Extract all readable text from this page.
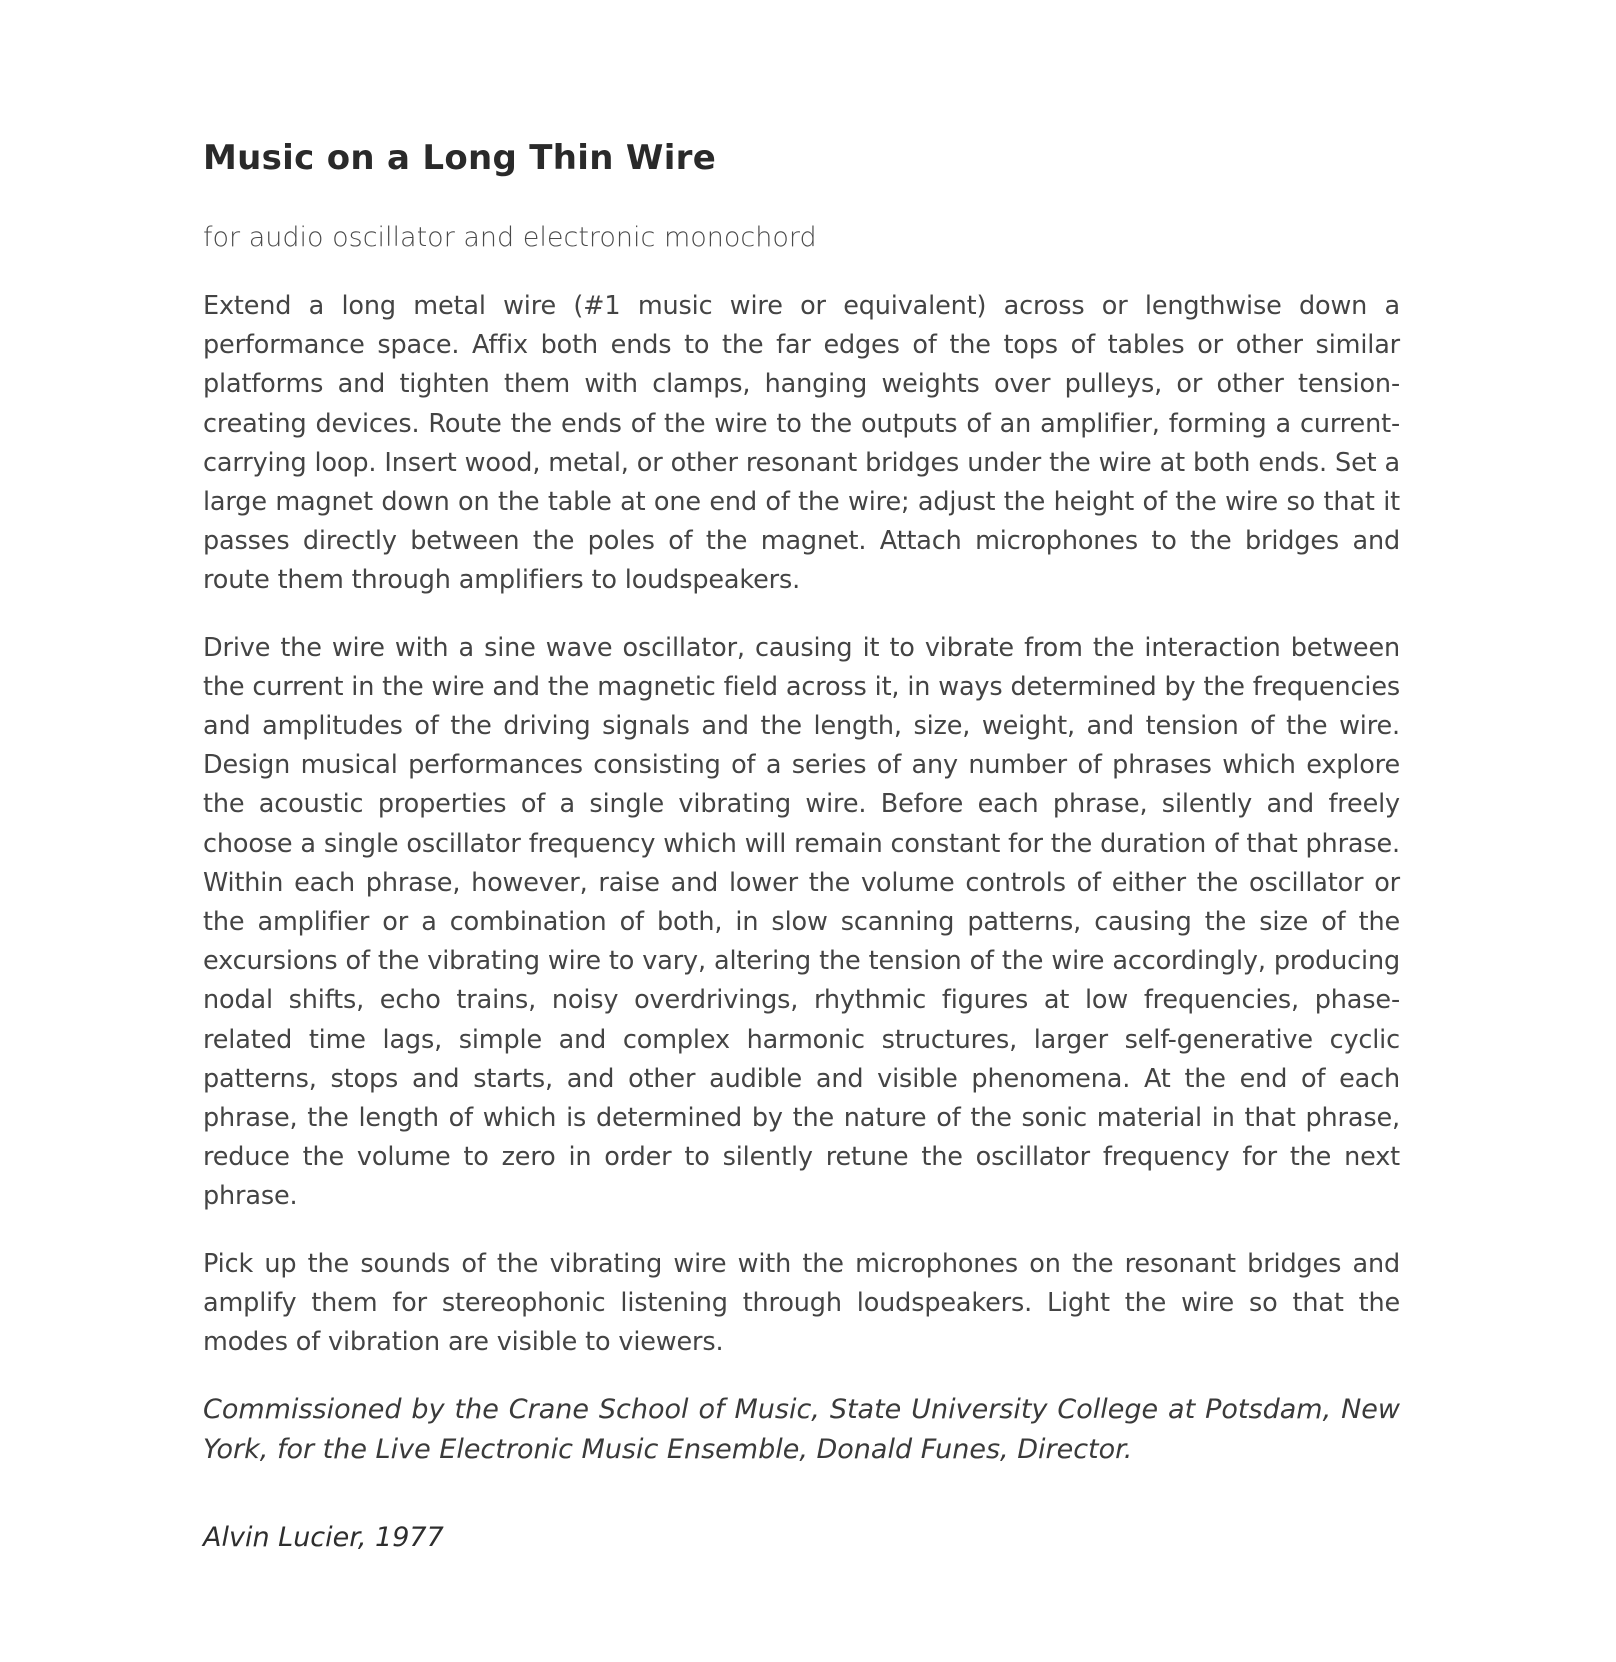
Music on a Long Thin Wire

for audio oscillator and electronic monochord

Extend a long metal wire (#1 music wire or equivalent) across or lengthwise down a performance space. Affix both ends to the far edges of the tops of tables or other similar platforms and tighten them with clamps, hanging weights over pulleys, or other tension-creating devices. Route the ends of the wire to the outputs of an amplifier, forming a current-carrying loop. Insert wood, metal, or other resonant bridges under the wire at both ends. Set a large magnet down on the table at one end of the wire; adjust the height of the wire so that it passes directly between the poles of the magnet. Attach microphones to the bridges and route them through amplifiers to loudspeakers.

Drive the wire with a sine wave oscillator, causing it to vibrate from the interaction between the current in the wire and the magnetic field across it, in ways determined by the frequencies and amplitudes of the driving signals and the length, size, weight, and tension of the wire. Design musical performances consisting of a series of any number of phrases which explore the acoustic properties of a single vibrating wire. Before each phrase, silently and freely choose a single oscillator frequency which will remain constant for the duration of that phrase. Within each phrase, however, raise and lower the volume controls of either the oscillator or the amplifier or a combination of both, in slow scanning patterns, causing the size of the excursions of the vibrating wire to vary, altering the tension of the wire accordingly, producing nodal shifts, echo trains, noisy overdrivings, rhythmic figures at low frequencies, phase-related time lags, simple and complex harmonic structures, larger self-generative cyclic patterns, stops and starts, and other audible and visible phenomena. At the end of each phrase, the length of which is determined by the nature of the sonic material in that phrase, reduce the volume to zero in order to silently retune the oscillator frequency for the next phrase.

Pick up the sounds of the vibrating wire with the microphones on the resonant bridges and amplify them for stereophonic listening through loudspeakers. Light the wire so that the modes of vibration are visible to viewers.

Commissioned by the Crane School of Music, State University College at Potsdam, New York, for the Live Electronic Music Ensemble, Donald Funes, Director.

Alvin Lucier, 1977
